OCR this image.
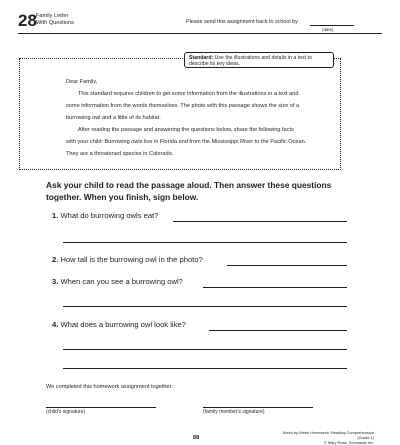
28 Family Letter
With Questions	Please send this assignment back to school by
(date)
Standard: Use the illustrations and details in a text to
describe its key ideas.
Dear Family,
This standard requires children to get some information from the illustrations in a text and
some information from the words themselves. The photo with this passage shows the size of a
burrowing owl and a little of its habitat.
After reading the passage and answering the questions below, share the following facts
with your child: Burrowing owls live in Florida and from the Mississippi River to the Pacific Ocean.
They are a threatened species in Colorado.
Ask your child to read the passage aloud. Then answer these questions
together. When you finish, sign below.
1. What do burrowing owls eat?
2. How tall is the burrowing owl in the photo?
3. When can you see a burrowing owl?
4. What does a burrowing owl look like?
We completed this homework assignment together.
(child's signature)	(family member's signature)
88
Week-by-Week Homework: Reading Comprehension (Grade 1)
© Mary Rose, Scholastic Inc.
